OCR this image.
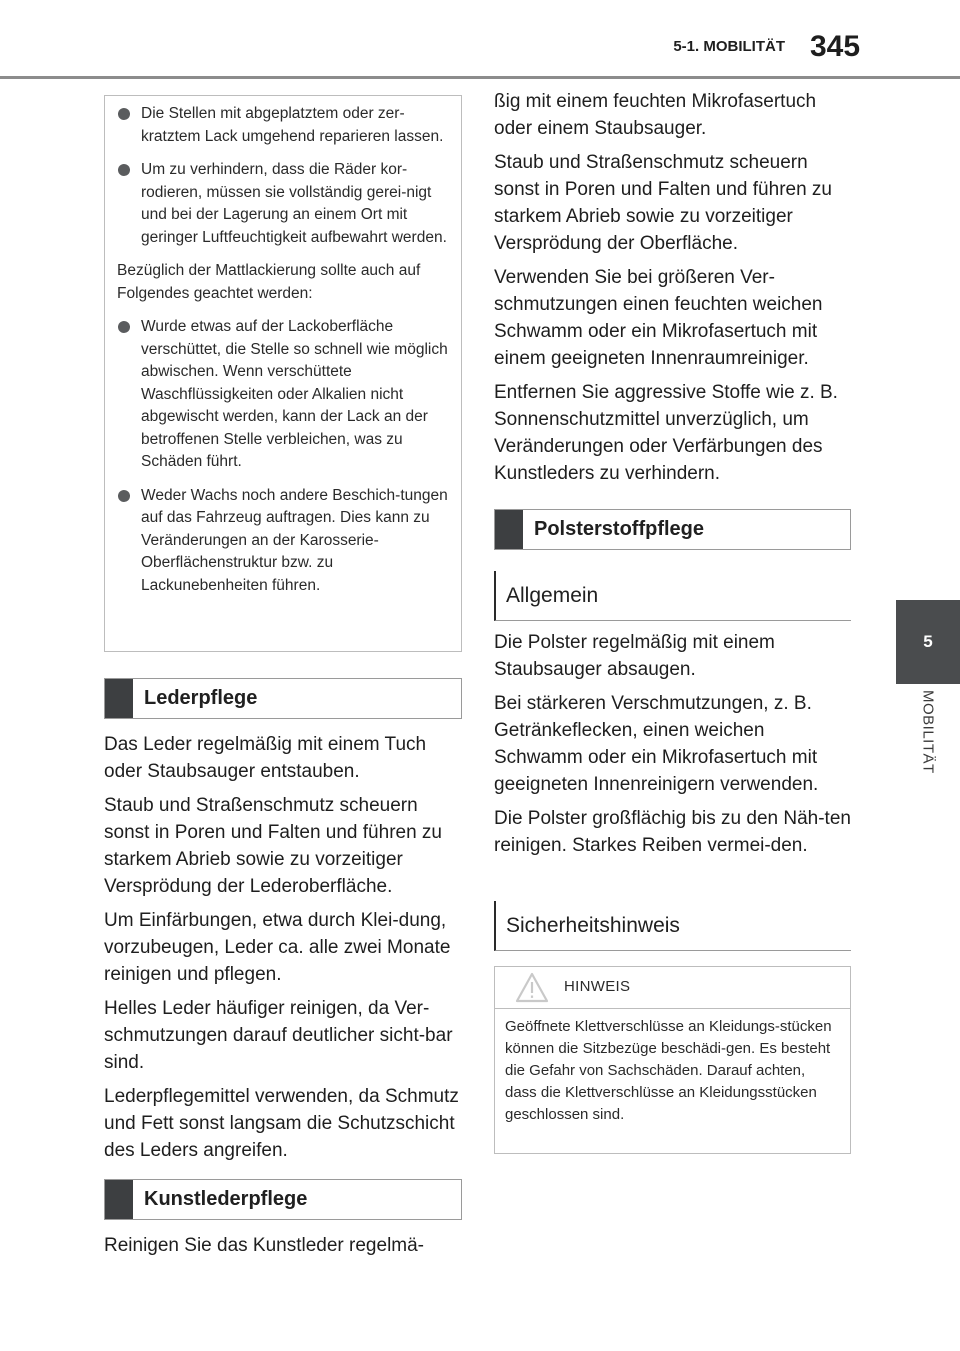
5-1. MOBILITÄT 345
5
MOBILITÄT
Die Stellen mit abgeplatztem oder zer-kratztem Lack umgehend reparieren lassen.
Um zu verhindern, dass die Räder kor-rodieren, müssen sie vollständig gerei-nigt und bei der Lagerung an einem Ort mit geringer Luftfeuchtigkeit aufbewahrt werden.
Bezüglich der Mattlackierung sollte auch auf Folgendes geachtet werden:
Wurde etwas auf der Lackoberfläche verschüttet, die Stelle so schnell wie möglich abwischen. Wenn verschüttete Waschflüssigkeiten oder Alkalien nicht abgewischt werden, kann der Lack an der betroffenen Stelle verbleichen, was zu Schäden führt.
Weder Wachs noch andere Beschich-tungen auf das Fahrzeug auftragen. Dies kann zu Veränderungen an der Karosserie-Oberflächenstruktur bzw. zu Lackunebenheiten führen.
Lederpflege

Das Leder regelmäßig mit einem Tuch oder Staubsauger entstauben.

Staub und Straßenschmutz scheuern sonst in Poren und Falten und führen zu starkem Abrieb sowie zu vorzeitiger Versprödung der Lederoberfläche.

Um Einfärbungen, etwa durch Klei-dung, vorzubeugen, Leder ca. alle zwei Monate reinigen und pflegen.

Helles Leder häufiger reinigen, da Ver-schmutzungen darauf deutlicher sicht-bar sind.

Lederpflegemittel verwenden, da Schmutz und Fett sonst langsam die Schutzschicht des Leders angreifen.

Kunstlederpflege

Reinigen Sie das Kunstleder regelmä-

ßig mit einem feuchten Mikrofasertuch oder einem Staubsauger.

Staub und Straßenschmutz scheuern sonst in Poren und Falten und führen zu starkem Abrieb sowie zu vorzeitiger Versprödung der Oberfläche.

Verwenden Sie bei größeren Ver-schmutzungen einen feuchten weichen Schwamm oder ein Mikrofasertuch mit einem geeigneten Innenraumreiniger.

Entfernen Sie aggressive Stoffe wie z. B. Sonnenschutzmittel unverzüglich, um Veränderungen oder Verfärbungen des Kunstleders zu verhindern.

Polsterstoffpflege
Allgemein

Die Polster regelmäßig mit einem Staubsauger absaugen.

Bei stärkeren Verschmutzungen, z. B. Getränkeflecken, einen weichen Schwamm oder ein Mikrofasertuch mit geeigneten Innenreinigern verwenden.

Die Polster großflächig bis zu den Näh-ten reinigen. Starkes Reiben vermei-den.

Sicherheitshinweis
HINWEIS
Geöffnete Klettverschlüsse an Kleidungs-stücken können die Sitzbezüge beschädi-gen. Es besteht die Gefahr von Sachschäden. Darauf achten, dass die Klettverschlüsse an Kleidungsstücken geschlossen sind.
